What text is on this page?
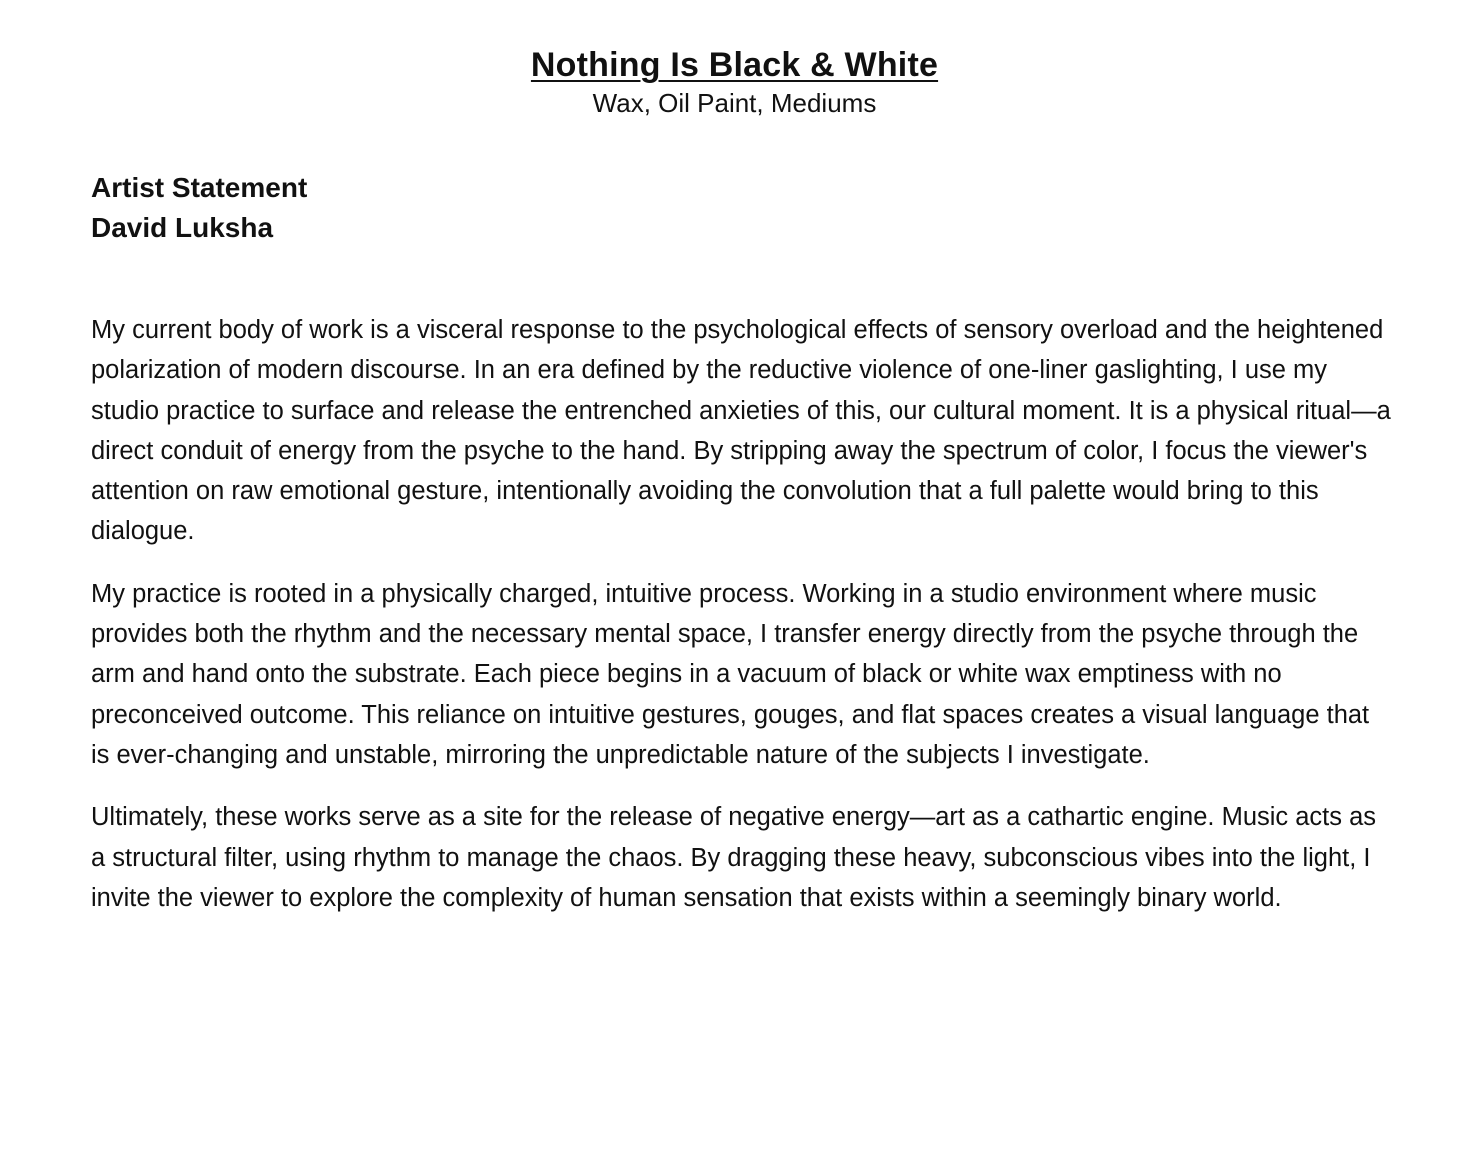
Nothing Is Black & White

Wax, Oil Paint, Mediums

Artist Statement

David Luksha

My current body of work is a visceral response to the psychological effects of sensory overload and the heightened polarization of modern discourse. In an era defined by the reductive violence of one-liner gaslighting, I use my studio practice to surface and release the entrenched anxieties of this, our cultural moment. It is a physical ritual—a direct conduit of energy from the psyche to the hand. By stripping away the spectrum of color, I focus the viewer's attention on raw emotional gesture, intentionally avoiding the convolution that a full palette would bring to this dialogue.

My practice is rooted in a physically charged, intuitive process. Working in a studio environment where music provides both the rhythm and the necessary mental space, I transfer energy directly from the psyche through the arm and hand onto the substrate. Each piece begins in a vacuum of black or white wax emptiness with no preconceived outcome. This reliance on intuitive gestures, gouges, and flat spaces creates a visual language that is ever-changing and unstable, mirroring the unpredictable nature of the subjects I investigate.

Ultimately, these works serve as a site for the release of negative energy—art as a cathartic engine. Music acts as a structural filter, using rhythm to manage the chaos. By dragging these heavy, subconscious vibes into the light, I invite the viewer to explore the complexity of human sensation that exists within a seemingly binary world.
